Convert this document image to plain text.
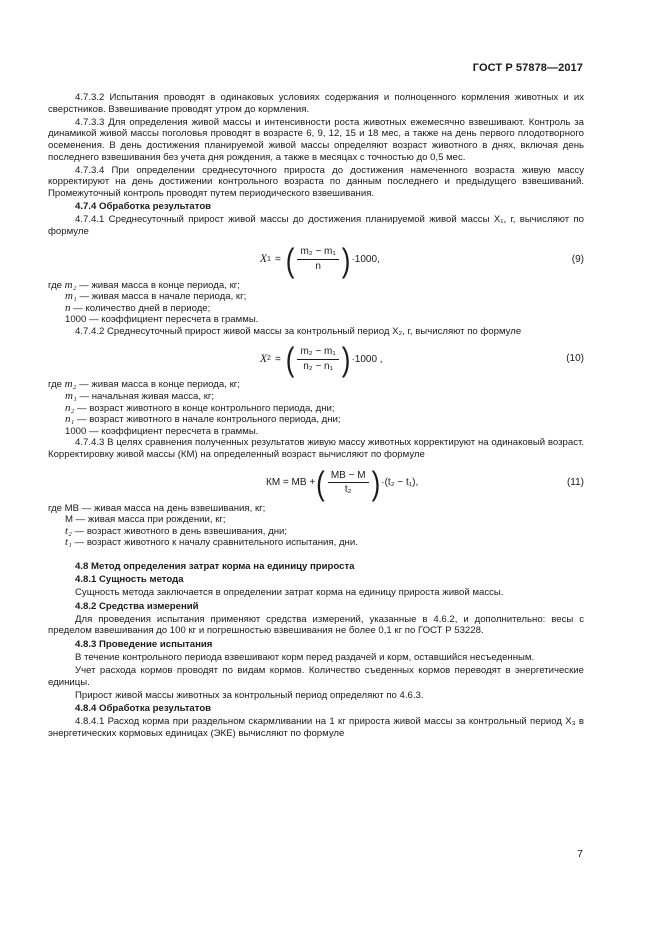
ГОСТ Р 57878—2017

4.7.3.2 Испытания проводят в одинаковых условиях содержания и полноценного кормления животных и их сверстников. Взвешивание проводят утром до кормления.

4.7.3.3 Для определения живой массы и интенсивности роста животных ежемесячно взвешивают. Контроль за динамикой живой массы поголовья проводят в возрасте 6, 9, 12, 15 и 18 мес, а также на день первого плодотворного осеменения. В день достижения планируемой живой массы определяют возраст животного в днях, включая день последнего взвешивания без учета дня рождения, а также в месяцах с точностью до 0,5 мес.

4.7.3.4 При определении среднесуточного прироста до достижения намеченного возраста живую массу корректируют на день достижении контрольного возраста по данным последнего и предыдущего взвешиваний. Промежуточный контроль проводят путем периодического взвешивания.

4.7.4 Обработка результатов

4.7.4.1 Среднесуточный прирост живой массы до достижения планируемой живой массы X₁, г, вычисляют по формуле

X 1 = ( $\frac{\text{m₂ − m₁}}{n}$ ) ·1000,	(9)

где m₂ — живая масса в конце периода, кг;

m₁ — живая масса в начале периода, кг;

n — количество дней в периоде;

1000 — коэффициент пересчета в граммы.

4.7.4.2 Среднесуточный прирост живой массы за контрольный период X₂, г, вычисляют по формуле

X 2 = ( $\frac{\text{m₂ − m₁}}{\text{n₂ − n₁}}$ ) ·1000 ,	(10)

где m₂ — живая масса в конце периода, кг;

m₁ — начальная живая масса, кг;

n₂ — возраст животного в конце контрольного периода, дни;

n₁ — возраст животного в начале контрольного периода, дни;

1000 — коэффициент пересчета в граммы.

4.7.4.3 В целях сравнения полученных результатов живую массу животных корректируют на одинаковый возраст. Корректировку живой массы (КМ) на определенный возраст вычисляют по формуле

КМ = МВ + ( $\frac{МВ - М}{\text{t₂}}$ ) ·(t₂ − t₁),	(11)

где МВ — живая масса на день взвешивания, кг;

М — живая масса при рождении, кг;

t₂ — возраст животного в день взвешивания, дни;

t₁ — возраст животного к началу сравнительного испытания, дни.

4.8 Метод определения затрат корма на единицу прироста

4.8.1 Сущность метода

Сущность метода заключается в определении затрат корма на единицу прироста живой массы.

4.8.2 Средства измерений

Для проведения испытания применяют средства измерений, указанные в 4.6.2, и дополнительно: весы с пределом взвешивания до 100 кг и погрешностью взвешивания не более 0,1 кг по ГОСТ Р 53228.

4.8.3 Проведение испытания

В течение контрольного периода взвешивают корм перед раздачей и корм, оставшийся несъеденным.

Учет расхода кормов проводят по видам кормов. Количество съеденных кормов переводят в энергетические единицы.

Прирост живой массы животных за контрольный период определяют по 4.6.3.

4.8.4 Обработка результатов

4.8.4.1 Расход корма при раздельном скармливании на 1 кг прироста живой массы за контрольный период X₃ в энергетических кормовых единицах (ЭКЕ) вычисляют по формуле

7
